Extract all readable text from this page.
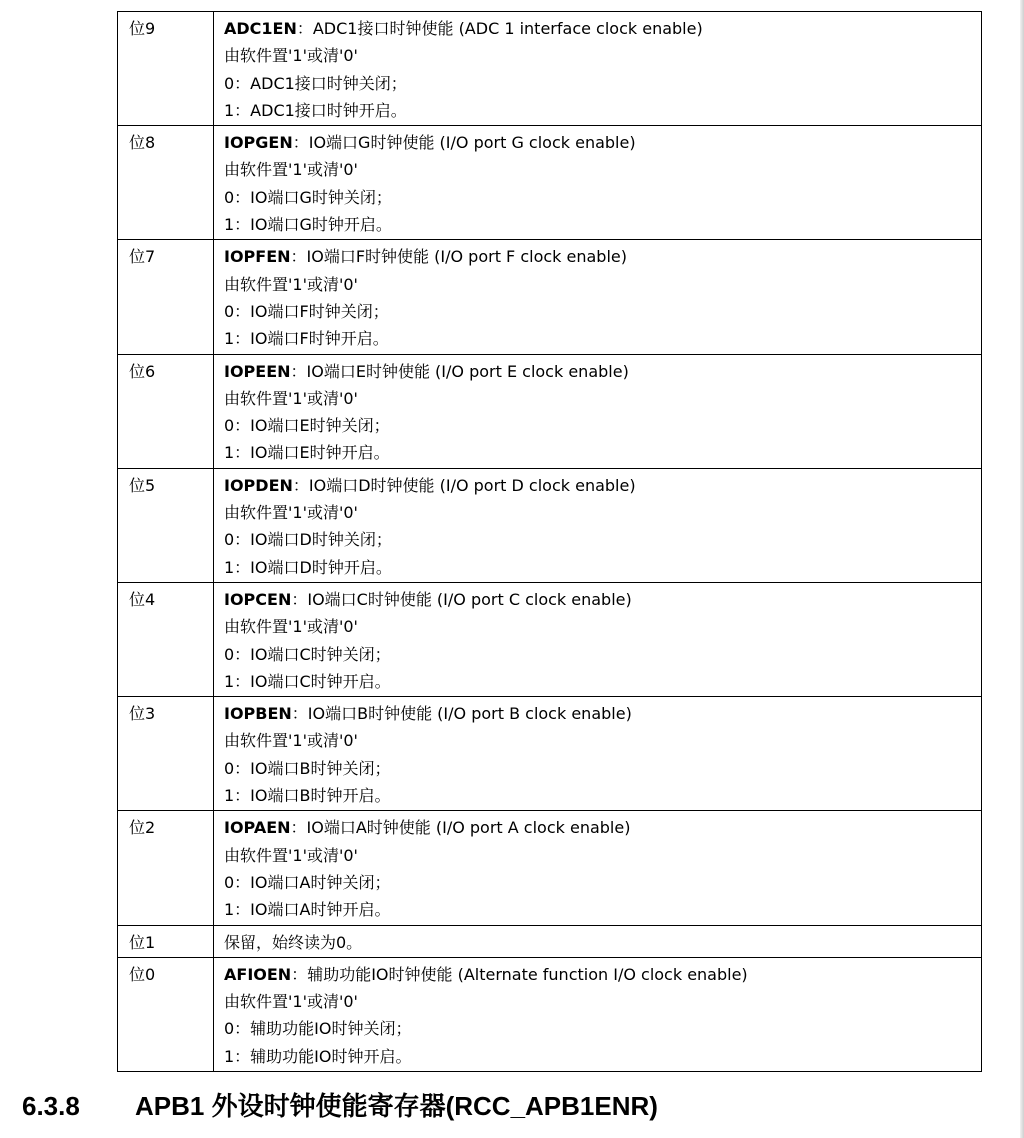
位9	ADC1EN：ADC1接口时钟使能 (ADC 1 interface clock enable)
由软件置'1'或清'0'
0：ADC1接口时钟关闭；
1：ADC1接口时钟开启。

位8	IOPGEN：IO端口G时钟使能 (I/O port G clock enable)
由软件置'1'或清'0'
0：IO端口G时钟关闭；
1：IO端口G时钟开启。

位7	IOPFEN：IO端口F时钟使能 (I/O port F clock enable)
由软件置'1'或清'0'
0：IO端口F时钟关闭；
1：IO端口F时钟开启。

位6	IOPEEN：IO端口E时钟使能 (I/O port E clock enable)
由软件置'1'或清'0'
0：IO端口E时钟关闭；
1：IO端口E时钟开启。

位5	IOPDEN：IO端口D时钟使能 (I/O port D clock enable)
由软件置'1'或清'0'
0：IO端口D时钟关闭；
1：IO端口D时钟开启。

位4	IOPCEN：IO端口C时钟使能 (I/O port C clock enable)
由软件置'1'或清'0'
0：IO端口C时钟关闭；
1：IO端口C时钟开启。

位3	IOPBEN：IO端口B时钟使能 (I/O port B clock enable)
由软件置'1'或清'0'
0：IO端口B时钟关闭；
1：IO端口B时钟开启。

位2	IOPAEN：IO端口A时钟使能 (I/O port A clock enable)
由软件置'1'或清'0'
0：IO端口A时钟关闭；
1：IO端口A时钟开启。

位1	保留，始终读为0。

位0	AFIOEN：辅助功能IO时钟使能 (Alternate function I/O clock enable)
由软件置'1'或清'0'
0：辅助功能IO时钟关闭；
1：辅助功能IO时钟开启。
6.3.8 APB1 外设时钟使能寄存器(RCC_APB1ENR)
